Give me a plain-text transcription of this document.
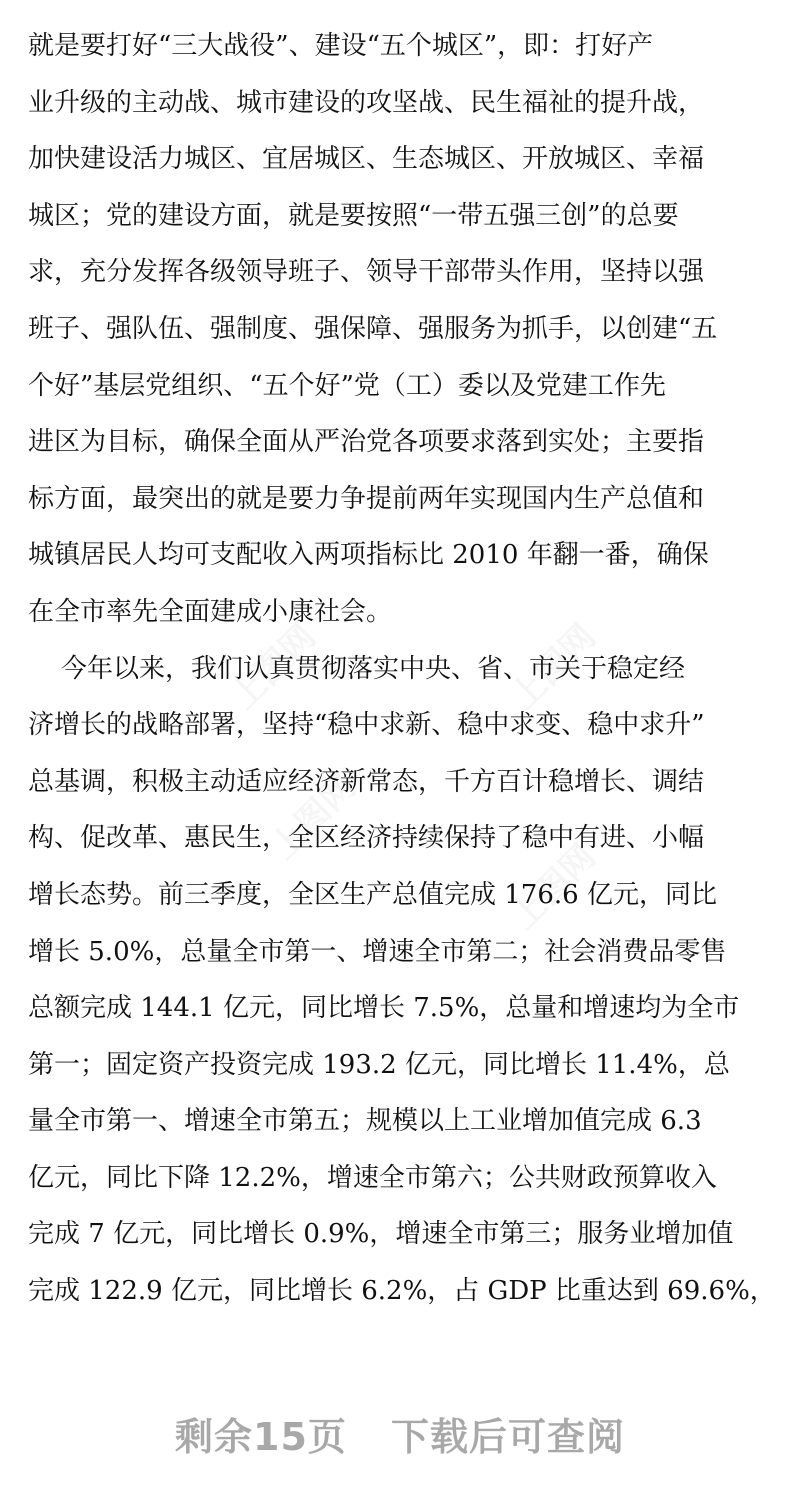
上图网	上图网
上图网
上图网
就是要打好“三大战役”、建设“五个城区”，即：打好产
业升级的主动战、城市建设的攻坚战、民生福祉的提升战，
加快建设活力城区、宜居城区、生态城区、开放城区、幸福
城区；党的建设方面，就是要按照“一带五强三创”的总要
求，充分发挥各级领导班子、领导干部带头作用，坚持以强
班子、强队伍、强制度、强保障、强服务为抓手，以创建“五
个好”基层党组织、“五个好”党（工）委以及党建工作先
进区为目标，确保全面从严治党各项要求落到实处；主要指
标方面，最突出的就是要力争提前两年实现国内生产总值和
城镇居民人均可支配收入两项指标比 2010 年翻一番，确保
在全市率先全面建成小康社会。
今年以来，我们认真贯彻落实中央、省、市关于稳定经
济增长的战略部署，坚持“稳中求新、稳中求变、稳中求升”
总基调，积极主动适应经济新常态，千方百计稳增长、调结
构、促改革、惠民生，全区经济持续保持了稳中有进、小幅
增长态势。前三季度，全区生产总值完成 176.6 亿元，同比
增长 5.0%，总量全市第一、增速全市第二；社会消费品零售
总额完成 144.1 亿元，同比增长 7.5%，总量和增速均为全市
第一；固定资产投资完成 193.2 亿元，同比增长 11.4%，总
量全市第一、增速全市第五；规模以上工业增加值完成 6.3
亿元，同比下降 12.2%，增速全市第六；公共财政预算收入
完成 7 亿元，同比增长 0.9%，增速全市第三；服务业增加值
完成 122.9 亿元，同比增长 6.2%，占 GDP 比重达到 69.6%，
剩余15页 下载后可查阅
